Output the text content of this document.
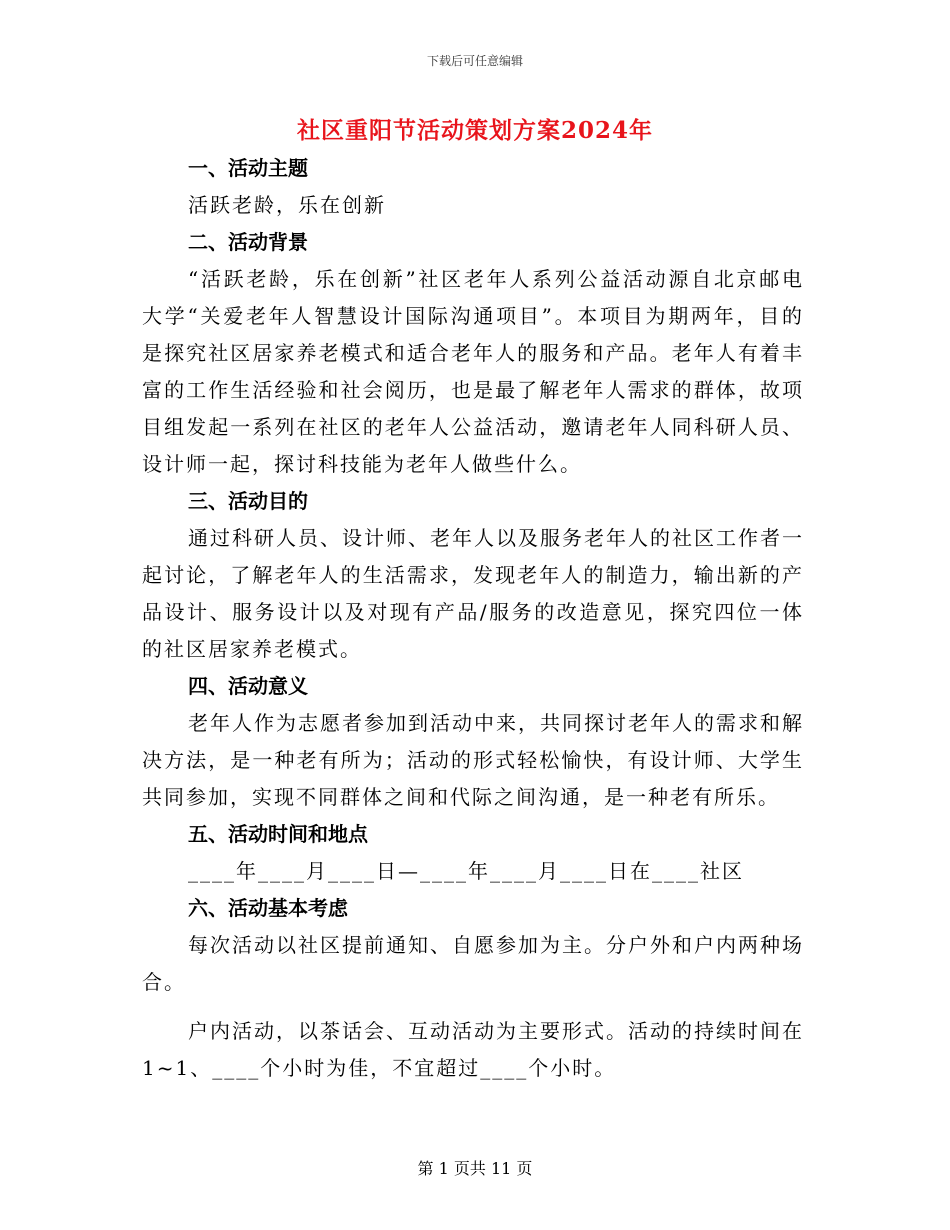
下载后可任意编辑
社区重阳节活动策划方案2024年
一、活动主题

活跃老龄，乐在创新

二、活动背景

“活跃老龄，乐在创新”社区老年人系列公益活动源自北京邮电大学“关爱老年人智慧设计国际沟通项目”。本项目为期两年，目的是探究社区居家养老模式和适合老年人的服务和产品。老年人有着丰富的工作生活经验和社会阅历，也是最了解老年人需求的群体，故项目组发起一系列在社区的老年人公益活动，邀请老年人同科研人员、设计师一起，探讨科技能为老年人做些什么。

三、活动目的

通过科研人员、设计师、老年人以及服务老年人的社区工作者一起讨论，了解老年人的生活需求，发现老年人的制造力，输出新的产品设计、服务设计以及对现有产品/服务的改造意见，探究四位一体的社区居家养老模式。

四、活动意义

老年人作为志愿者参加到活动中来，共同探讨老年人的需求和解决方法，是一种老有所为；活动的形式轻松愉快，有设计师、大学生共同参加，实现不同群体之间和代际之间沟通，是一种老有所乐。

五、活动时间和地点

____年____月____日—____年____月____日在____社区

六、活动基本考虑

每次活动以社区提前通知、自愿参加为主。分户外和户内两种场合。

户内活动，以茶话会、互动活动为主要形式。活动的持续时间在1~1、____个小时为佳，不宜超过____个小时。

第 1 页共 11 页
